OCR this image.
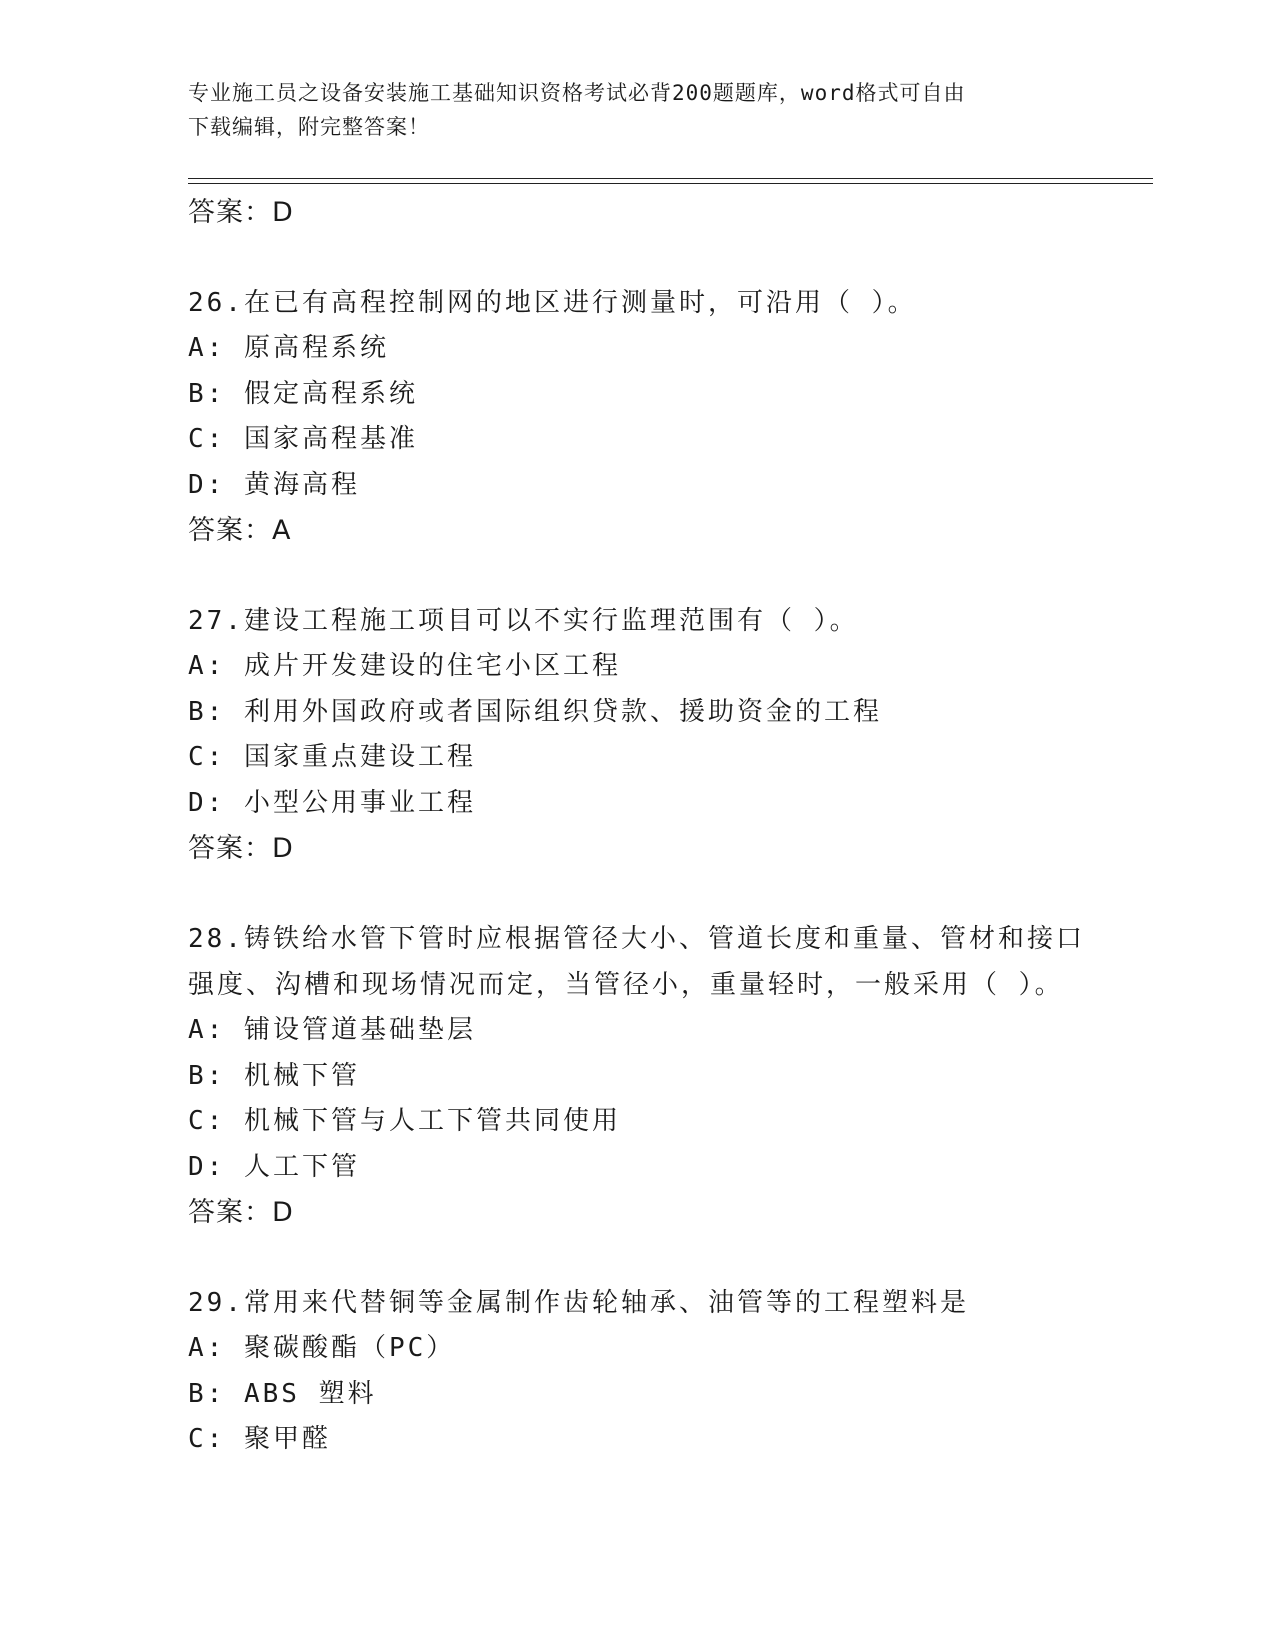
专业施工员之设备安装施工基础知识资格考试必背200题题库，word格式可自由
下载编辑，附完整答案！
答案：D
26.在已有高程控制网的地区进行测量时，可沿用（ ）。
A: 原高程系统
B: 假定高程系统
C: 国家高程基准
D: 黄海高程
答案：A
27.建设工程施工项目可以不实行监理范围有（ ）。
A: 成片开发建设的住宅小区工程
B: 利用外国政府或者国际组织贷款、援助资金的工程
C: 国家重点建设工程
D: 小型公用事业工程
答案：D
28.铸铁给水管下管时应根据管径大小、管道长度和重量、管材和接口
强度、沟槽和现场情况而定，当管径小，重量轻时，一般采用（ ）。
A: 铺设管道基础垫层
B: 机械下管
C: 机械下管与人工下管共同使用
D: 人工下管
答案：D
29.常用来代替铜等金属制作齿轮轴承、油管等的工程塑料是
A: 聚碳酸酯（PC）
B: ABS 塑料
C: 聚甲醛
